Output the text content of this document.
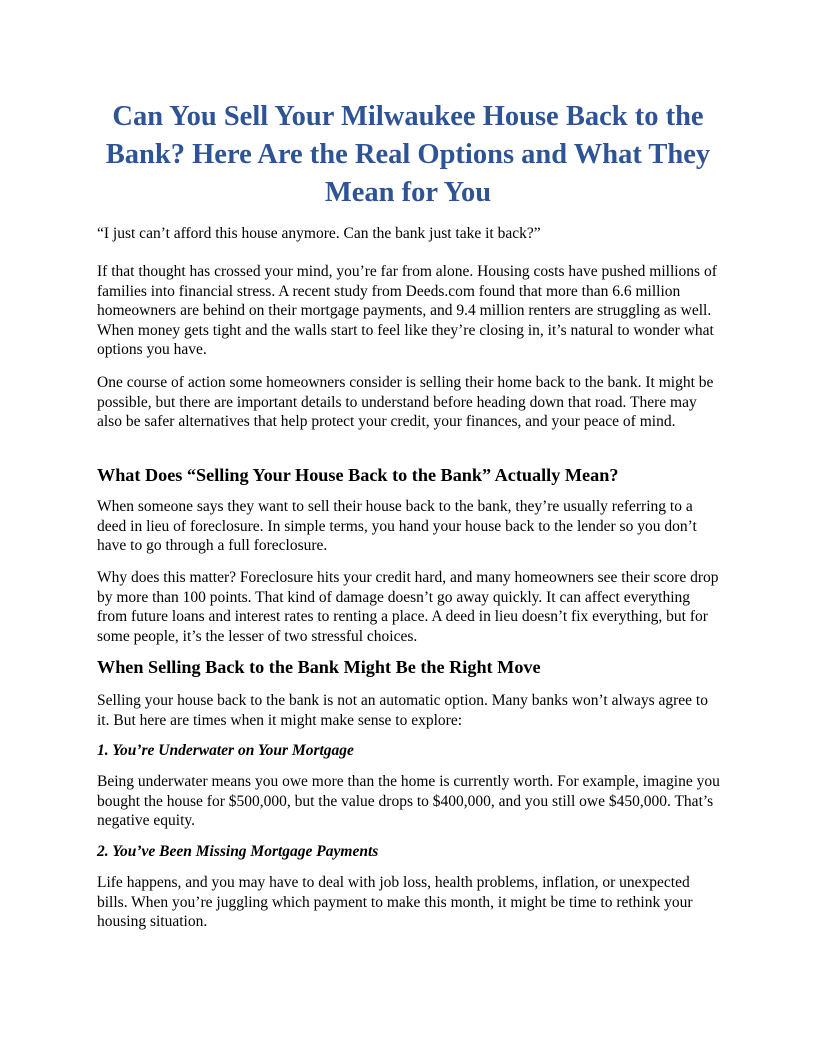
Can You Sell Your Milwaukee House Back to the Bank? Here Are the Real Options and What They Mean for You

“I just can’t afford this house anymore. Can the bank just take it back?”

If that thought has crossed your mind, you’re far from alone. Housing costs have pushed millions of families into financial stress. A recent study from Deeds.com found that more than 6.6 million homeowners are behind on their mortgage payments, and 9.4 million renters are struggling as well. When money gets tight and the walls start to feel like they’re closing in, it’s natural to wonder what options you have.

One course of action some homeowners consider is selling their home back to the bank. It might be possible, but there are important details to understand before heading down that road. There may also be safer alternatives that help protect your credit, your finances, and your peace of mind.

What Does “Selling Your House Back to the Bank” Actually Mean?

When someone says they want to sell their house back to the bank, they’re usually referring to a deed in lieu of foreclosure. In simple terms, you hand your house back to the lender so you don’t have to go through a full foreclosure.

Why does this matter? Foreclosure hits your credit hard, and many homeowners see their score drop by more than 100 points. That kind of damage doesn’t go away quickly. It can affect everything from future loans and interest rates to renting a place. A deed in lieu doesn’t fix everything, but for some people, it’s the lesser of two stressful choices.

When Selling Back to the Bank Might Be the Right Move

Selling your house back to the bank is not an automatic option. Many banks won’t always agree to it. But here are times when it might make sense to explore:

1. You’re Underwater on Your Mortgage

Being underwater means you owe more than the home is currently worth. For example, imagine you bought the house for $500,000, but the value drops to $400,000, and you still owe $450,000. That’s negative equity.

2. You’ve Been Missing Mortgage Payments

Life happens, and you may have to deal with job loss, health problems, inflation, or unexpected bills. When you’re juggling which payment to make this month, it might be time to rethink your housing situation.
